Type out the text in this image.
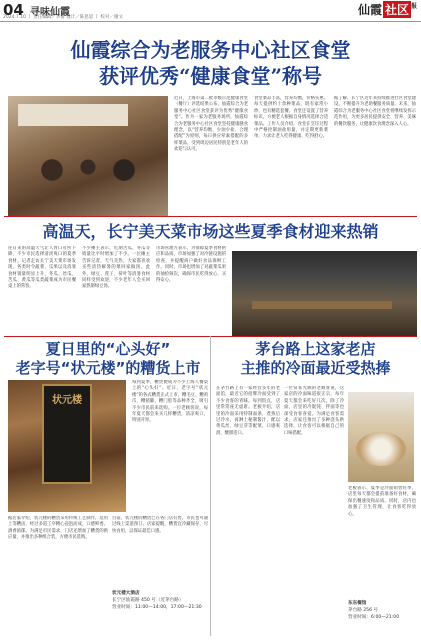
04 寻味仙霞
2024.7.10 丨 责任编辑／李蕾 设计／陈思思 丨 校对／谢文
仙霞 社区 $^报$
仙霞综合为老服务中心社区食堂
获评优秀“健康食堂”称号
近日，上海市第二批市级示范健康食堂（餐厅）评选结果公布，仙霞综合为老服务中心社区食堂获评为优秀“健康食堂”。作为一家为老服务场所，仙霞综合为老服务中心社区食堂坚持健康膳食理念，以“营养均衡、少油少盐、合理搭配”为原则，每日供应荤素搭配的多样菜品，受到周边居民特别是老年人的欢迎与认可。
食堂菜品丰富，营养均衡，价格实惠。每天提供约十余种菜品，既有家常小炒，也有精选套餐。食堂还设置了营养标识，方便老人根据自身情况选择合适菜品。工作人员介绍，食堂在烹饪过程中严格控制油盐用量，并定期更新菜单，力求让老人吃得健康、吃得舒心。
据了解，长宁区近年来持续推进社区食堂建设，不断提升为老助餐服务质量。未来，仙霞综合为老服务中心社区食堂将继续发挥示范作用，为更多居民提供安全、营养、美味的餐饮服务，让健康饮食理念深入人心。
高温天，长宁美天菜市场这些夏季食材迎来热销
连日来的高温天气让人胃口有所下降，不少市民选择清淡爽口的夏季食材。记者走访长宁美天菜市场发现，各类时令蔬菜、瓜果以及消暑食材销量明显上升，冬瓜、丝瓜、苦瓜、黄瓜等瓜类蔬菜成为市民餐桌上的常客。
不少摊主表示，近期苦瓜、冬瓜等销量比平时增加了不少。一位摊主告诉记者，天气炎热，大家都喜欢买些清热解暑的菜回家做汤。此外，绿豆、莲子、荷叶等消暑食材同样受到欢迎，不少老年人会买回家熬制绿豆汤。
市场管理方表示，为保障夏季食材供应和品质，市场加强了对冷链设施的检查，并提醒商户做好食品保鲜工作。同时，市场也增加了对蔬菜瓜果的抽检频次，确保市民吃得放心、买得安心。
夏日里的“心头好”
老字号“状元楼”的糟货上市
状元楼
每到夏季，糟货便成为不少上海人餐桌上的“心头好”。近日，老字号“状元楼”的各式糟货正式上市，糟毛豆、糟鸡爪、糟猪脚、糟门腔等品种齐全，吸引不少市民前来选购。一位老顾客说，每年夏天都会来买几样糟货，清凉爽口，特别开胃。
据店家介绍，状元楼的糟货采用传统工艺制作，选用上等糟卤，经过多道工序精心浸泡而成，口感鲜香，酒香浓郁。为满足市民需求，门店还增加了糟货的供应量，并推出多种组合装，方便市民选购。
目前，状元楼的糟货已在各门店有售，市民也可通过线上渠道预订。店家提醒，糟货宜冷藏保存，尽快食用，以保证最佳口感。
状元楼大酒店
长宁区仙霞路 450 号（近茅台路）
营业时间：11:00—14:00，17:00—21:30
茅台路上这家老店
主推的冷面最近受热捧
在茅台路上有一家经营多年的老面馆，最近它的招牌冷面受到了不少食客的青睐。每到饭点，店里常常座无虚席。老板介绍，店里的冷面采用特制面条，煮熟后过冷水，再淋上秘制酱汁，配以黄瓜丝、绿豆芽等配菜，口感爽滑，酸甜适口。
一位常来光顾的老顾客说，这家店的冷面味道很正宗，每年夏天都会来吃好几次。除了冷面，店里的冷馄饨、拌面等也深受食客喜爱。为满足食客需求，店家还推出了多种浇头供选择，让食客可以根据自己的口味搭配。
老板表示，夏季是冷面销售旺季，店里每天都会提前准备好食材，确保出餐速度和品质。同时，店内也加强了卫生管理，让食客吃得放心。
东东餐馆
茅台路 256 号
营业时间：6:00—21:00
